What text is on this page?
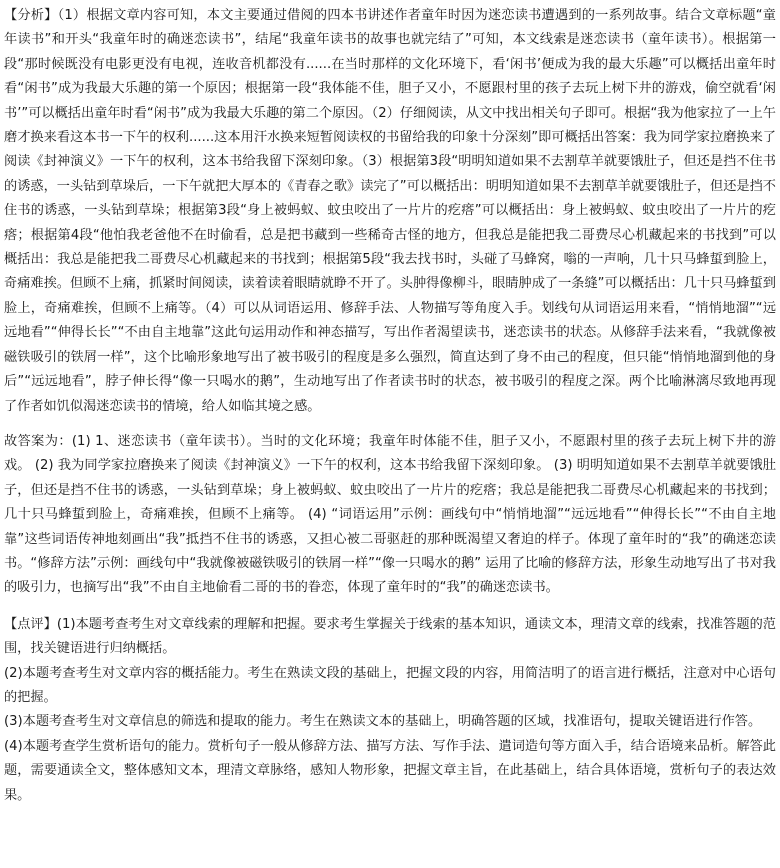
【分析】（1）根据文章内容可知，本文主要通过借阅的四本书讲述作者童年时因为迷恋读书遭遇到的一系列故事。结合文章标题“童年读书”和开头“我童年时的确迷恋读书”，结尾“我童年读书的故事也就完结了”可知，本文线索是迷恋读书（童年读书）。根据第一段“那时候既没有电影更没有电视，连收音机都没有......在当时那样的文化环境下，看‘闲书’便成为我的最大乐趣”可以概括出童年时看“闲书”成为我最大乐趣的第一个原因；根据第一段“我体能不佳，胆子又小，不愿跟村里的孩子去玩上树下井的游戏，偷空就看‘闲书’”可以概括出童年时看“闲书”成为我最大乐趣的第二个原因。（2）仔细阅读，从文中找出相关句子即可。根据“我为他家拉了一上午磨才换来看这本书一下午的权利......这本用汗水换来短暂阅读权的书留给我的印象十分深刻”即可概括出答案：我为同学家拉磨换来了阅读《封神演义》一下午的权利，这本书给我留下深刻印象。（3）根据第3段“明明知道如果不去割草羊就要饿肚子，但还是挡不住书的诱惑，一头钻到草垛后，一下午就把大厚本的《青春之歌》读完了”可以概括出：明明知道如果不去割草羊就要饿肚子，但还是挡不住书的诱惑，一头钻到草垛；根据第3段“身上被蚂蚁、蚊虫咬出了一片片的疙瘩”可以概括出：身上被蚂蚁、蚊虫咬出了一片片的疙瘩；根据第4段“他怕我老爸他不在时偷看，总是把书藏到一些稀奇古怪的地方，但我总是能把我二哥费尽心机藏起来的书找到”可以概括出：我总是能把我二哥费尽心机藏起来的书找到；根据第5段“我去找书时，头碰了马蜂窝，嗡的一声响，几十只马蜂蜇到脸上，奇痛难挨。但顾不上痛，抓紧时间阅读，读着读着眼睛就睁不开了。头肿得像柳斗，眼睛肿成了一条缝”可以概括出：几十只马蜂蜇到脸上，奇痛难挨，但顾不上痛等。（4）可以从词语运用、修辞手法、人物描写等角度入手。划线句从词语运用来看，“悄悄地溜”“远远地看”“伸得长长”“不由自主地靠”这此句运用动作和神态描写，写出作者渴望读书，迷恋读书的状态。从修辞手法来看，“我就像被磁铁吸引的铁屑一样”，这个比喻形象地写出了被书吸引的程度是多么强烈，简直达到了身不由己的程度，但只能“悄悄地溜到他的身后”“远远地看”，脖子伸长得“像一只喝水的鹅”，生动地写出了作者读书时的状态，被书吸引的程度之深。两个比喻淋漓尽致地再现了作者如饥似渴迷恋读书的情境，给人如临其境之感。

故答案为：(1) 1、迷恋读书（童年读书）。当时的文化环境；我童年时体能不佳，胆子又小，不愿跟村里的孩子去玩上树下井的游戏。 (2) 我为同学家拉磨换来了阅读《封神演义》一下午的权利，这本书给我留下深刻印象。 (3) 明明知道如果不去割草羊就要饿肚子，但还是挡不住书的诱惑，一头钻到草垛；身上被蚂蚁、蚊虫咬出了一片片的疙瘩；我总是能把我二哥费尽心机藏起来的书找到；几十只马蜂蜇到脸上，奇痛难挨，但顾不上痛等。 (4) “词语运用”示例：画线句中“悄悄地溜”“远远地看”“伸得长长”“不由自主地靠”这些词语传神地刻画出“我”抵挡不住书的诱惑，又担心被二哥驱赶的那种既渴望又奢迫的样子。体现了童年时的“我”的确迷恋读书。“修辞方法”示例：画线句中“我就像被磁铁吸引的铁屑一样”“像一只喝水的鹅” 运用了比喻的修辞方法，形象生动地写出了书对我的吸引力，也摘写出“我”不由自主地偷看二哥的书的眷恋，体现了童年时的“我”的确迷恋读书。

【点评】(1)本题考查考生对文章线索的理解和把握。要求考生掌握关于线索的基本知识，通读文本，理清文章的线索，找准答题的范围，找关键语进行归纳概括。

(2)本题考查考生对文章内容的概括能力。考生在熟读文段的基础上，把握文段的内容，用简洁明了的语言进行概括，注意对中心语句的把握。

(3)本题考查考生对文章信息的筛选和提取的能力。考生在熟读文本的基础上，明确答题的区域，找准语句，提取关键语进行作答。

(4)本题考查学生赏析语句的能力。赏析句子一般从修辞方法、描写方法、写作手法、遣词造句等方面入手，结合语境来品析。解答此题，需要通读全文，整体感知文本，理清文章脉络，感知人物形象，把握文章主旨，在此基础上，结合具体语境，赏析句子的表达效果。
